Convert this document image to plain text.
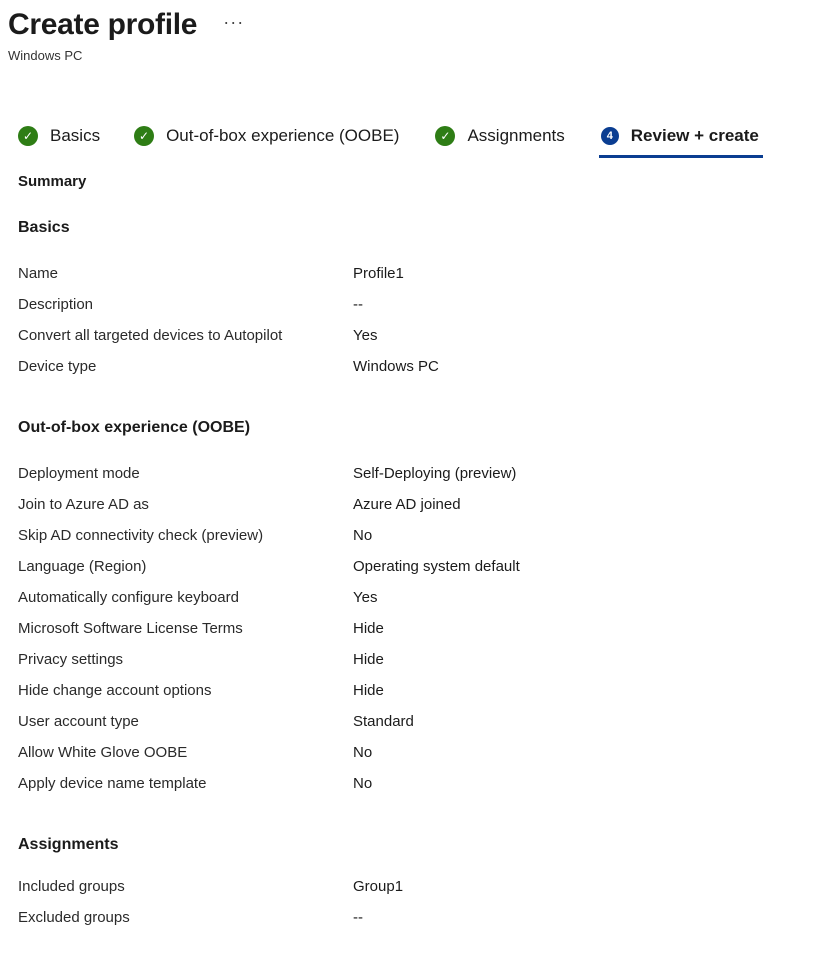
Create profile ···
Windows PC
✓ Basics	✓ Out-of-box experience (OOBE)	✓ Assignments	4	Review + create
Summary
Basics
Name	Profile1
Description	--
Convert all targeted devices to Autopilot	Yes
Device type	Windows PC
Out-of-box experience (OOBE)
Deployment mode	Self-Deploying (preview)
Join to Azure AD as	Azure AD joined
Skip AD connectivity check (preview)	No
Language (Region)	Operating system default
Automatically configure keyboard	Yes
Microsoft Software License Terms	Hide
Privacy settings	Hide
Hide change account options	Hide
User account type	Standard
Allow White Glove OOBE	No
Apply device name template	No
Assignments
Included groups	Group1
Excluded groups	--
